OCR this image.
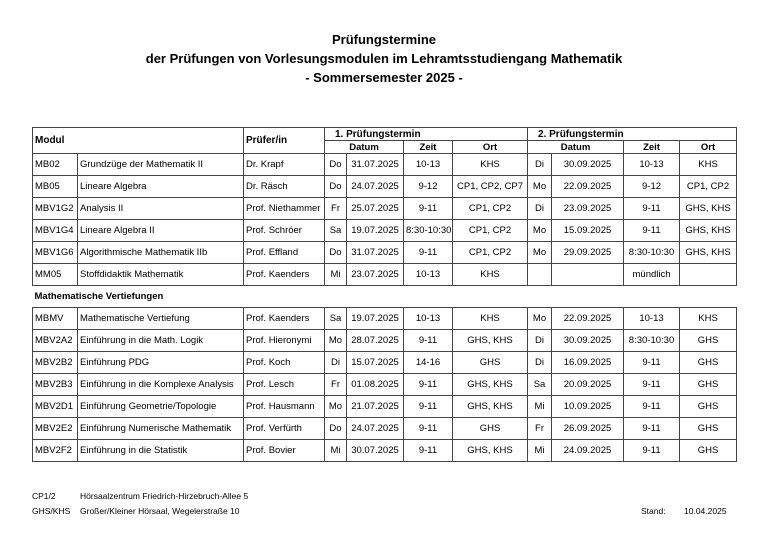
Prüfungstermine
der Prüfungen von Vorlesungsmodulen im Lehramtsstudiengang Mathematik
- Sommersemester 2025 -
Modul		Prüfer/in	1. Prüfungstermin				2. Prüfungstermin			
			Datum		Zeit	Ort	Datum		Zeit	Ort
MB02	Grundzüge der Mathematik II	Dr. Krapf	Do	31.07.2025	10-13	KHS	Di	30.09.2025	10-13	KHS
MB05	Lineare Algebra	Dr. Räsch	Do	24.07.2025	9-12	CP1, CP2, CP7	Mo	22.09.2025	9-12	CP1, CP2
MBV1G2	Analysis II	Prof. Niethammer	Fr	25.07.2025	9-11	CP1, CP2	Di	23.09.2025	9-11	GHS, KHS
MBV1G4	Lineare Algebra II	Prof. Schröer	Sa	19.07.2025	8:30-10:30	CP1, CP2	Mo	15.09.2025	9-11	GHS, KHS
MBV1G6	Algorithmische Mathematik IIb	Prof. Effland	Do	31.07.2025	9-11	CP1, CP2	Mo	29.09.2025	8:30-10:30	GHS, KHS
MM05	Stoffdidaktik Mathematik	Prof. Kaenders	Mi	23.07.2025	10-13	KHS			mündlich	
Mathematische Vertiefungen										
MBMV	Mathematische Vertiefung	Prof. Kaenders	Sa	19.07.2025	10-13	KHS	Mo	22.09.2025	10-13	KHS
MBV2A2	Einführung in die Math. Logik	Prof. Hieronymi	Mo	28.07.2025	9-11	GHS, KHS	Di	30.09.2025	8:30-10:30	GHS
MBV2B2	Einführung PDG	Prof. Koch	Di	15.07.2025	14-16	GHS	Di	16.09.2025	9-11	GHS
MBV2B3	Einführung in die Komplexe Analysis	Prof. Lesch	Fr	01.08.2025	9-11	GHS, KHS	Sa	20.09.2025	9-11	GHS
MBV2D1	Einführung Geometrie/Topologie	Prof. Hausmann	Mo	21.07.2025	9-11	GHS, KHS	Mi	10.09.2025	9-11	GHS
MBV2E2	Einführung Numerische Mathematik	Prof. Verfürth	Do	24.07.2025	9-11	GHS	Fr	26.09.2025	9-11	GHS
MBV2F2	Einführung in die Statistik	Prof. Bovier	Mi	30.07.2025	9-11	GHS, KHS	Mi	24.09.2025	9-11	GHS
CP1/2	Hörsaalzentrum Friedrich-Hirzebruch-Allee 5
GHS/KHS Großer/Kleiner Hörsaal, Wegelerstraße 10	Stand: 10.04.2025
